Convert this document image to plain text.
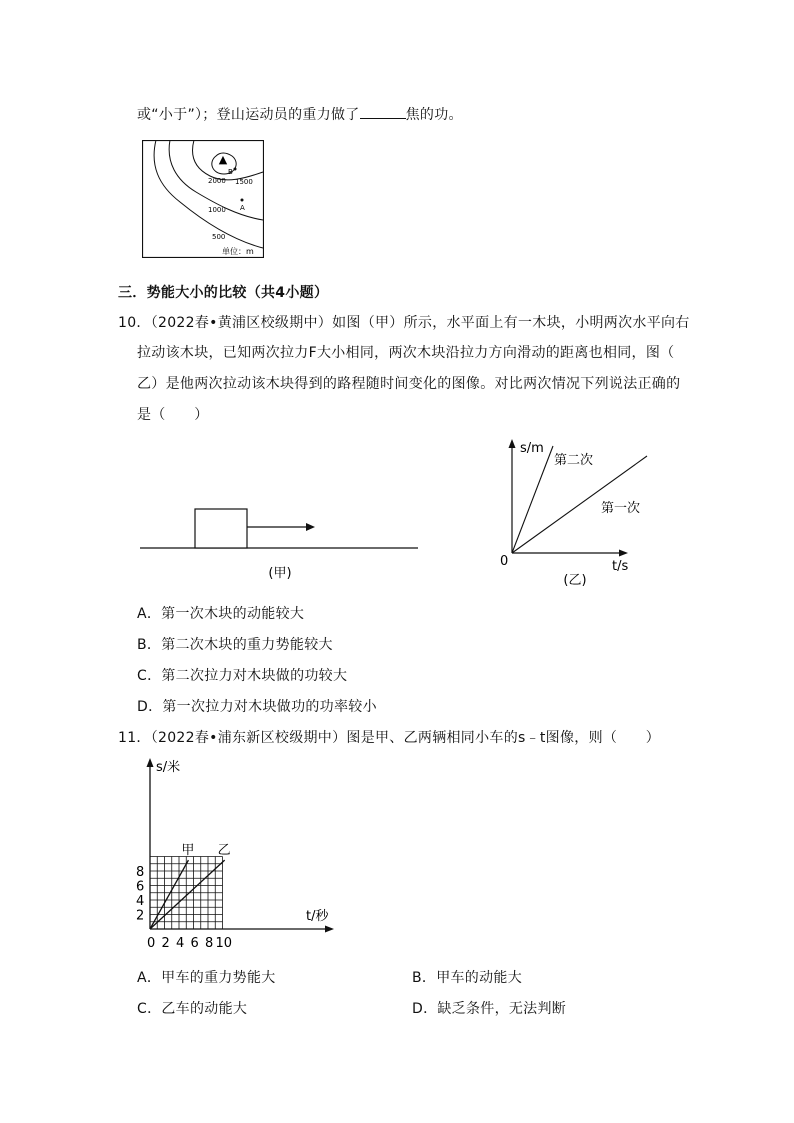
或“小于”）；登山运动员的重力做了	焦的功。
▲
B
A
2000 1500
1000
500
单位：m
三．势能大小的比较（共4小题）
10．（2022春•黄浦区校级期中）如图（甲）所示，水平面上有一木块，小明两次水平向右
拉动该木块，已知两次拉力F大小相同，两次木块沿拉力方向滑动的距离也相同，图（
乙）是他两次拉动该木块得到的路程随时间变化的图像。对比两次情况下列说法正确的
是（　　）
(甲)
s/m
t/s
0
第二次
第一次
(乙)
A．第一次木块的动能较大
B．第二次木块的重力势能较大
C．第二次拉力对木块做的功较大
D．第一次拉力对木块做功的功率较小
11．（2022春•浦东新区校级期中）图是甲、乙两辆相同小车的s﹣t图像，则（　　）
甲 乙
0 2 4 6 8 10
2
4
6
8
s/米
t/秒
A．甲车的重力势能大	B．甲车的动能大
C．乙车的动能大	D．缺乏条件，无法判断
